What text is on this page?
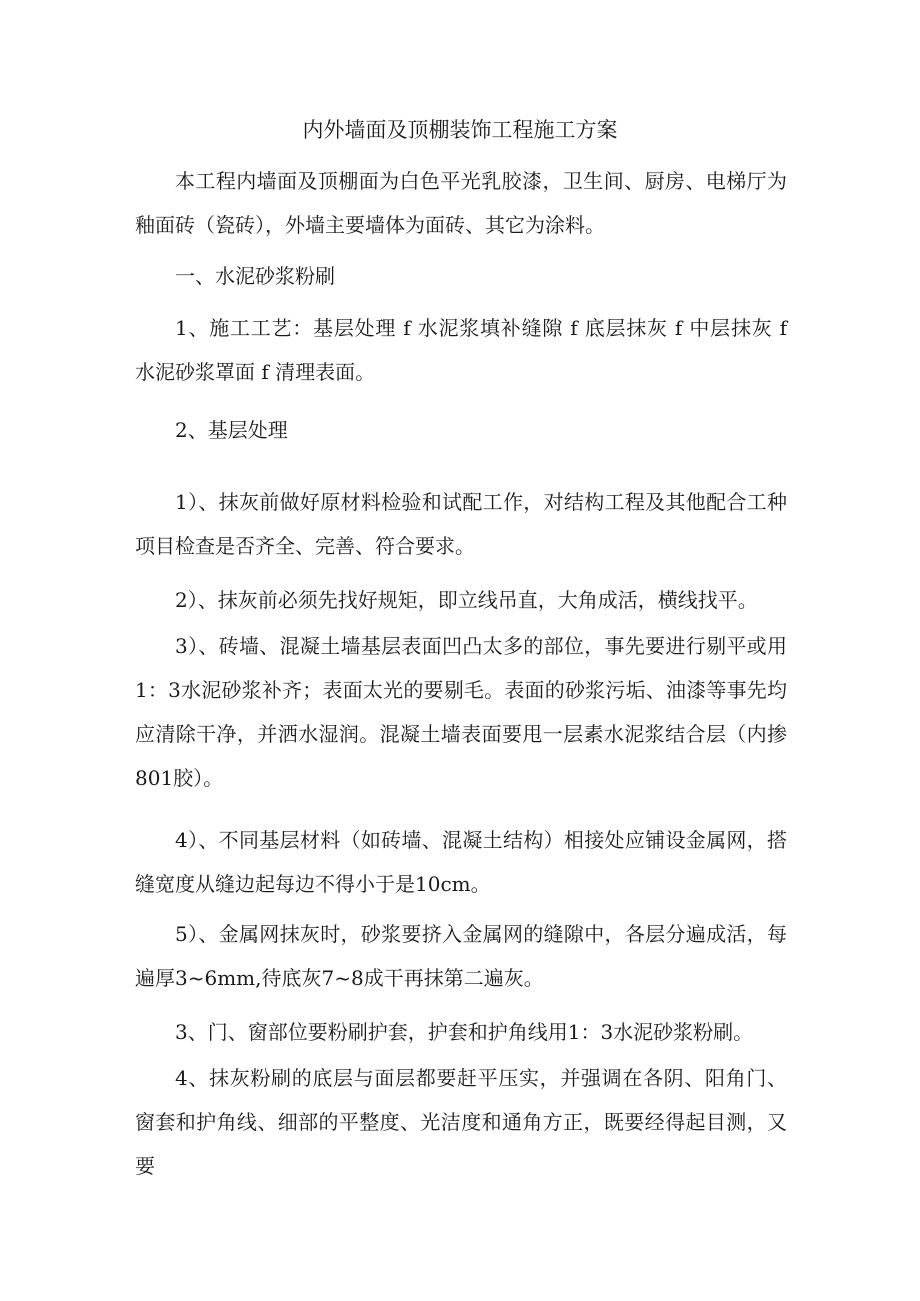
内外墙面及顶棚装饰工程施工方案

本工程内墙面及顶棚面为白色平光乳胶漆，卫生间、厨房、电梯厅为釉面砖（瓷砖），外墙主要墙体为面砖、其它为涂料。

一、水泥砂浆粉刷

1、施工工艺：基层处理 f 水泥浆填补缝隙 f 底层抹灰 f 中层抹灰 f 水泥砂浆罩面 f 清理表面。

2、基层处理

1）、抹灰前做好原材料检验和试配工作，对结构工程及其他配合工种项目检查是否齐全、完善、符合要求。

2）、抹灰前必须先找好规矩，即立线吊直，大角成活，横线找平。

3）、砖墙、混凝土墙基层表面凹凸太多的部位，事先要进行剔平或用1：3水泥砂浆补齐；表面太光的要剔毛。表面的砂浆污垢、油漆等事先均应清除干净，并洒水湿润。混凝土墙表面要甩一层素水泥浆结合层（内掺801胶）。

4）、不同基层材料（如砖墙、混凝土结构）相接处应铺设金属网，搭缝宽度从缝边起每边不得小于是10cm。

5）、金属网抹灰时，砂浆要挤入金属网的缝隙中，各层分遍成活，每遍厚3~6mm,待底灰7~8成干再抹第二遍灰。

3、门、窗部位要粉刷护套，护套和护角线用1：3水泥砂浆粉刷。

4、抹灰粉刷的底层与面层都要赶平压实，并强调在各阴、阳角门、窗套和护角线、细部的平整度、光洁度和通角方正，既要经得起目测，又要
